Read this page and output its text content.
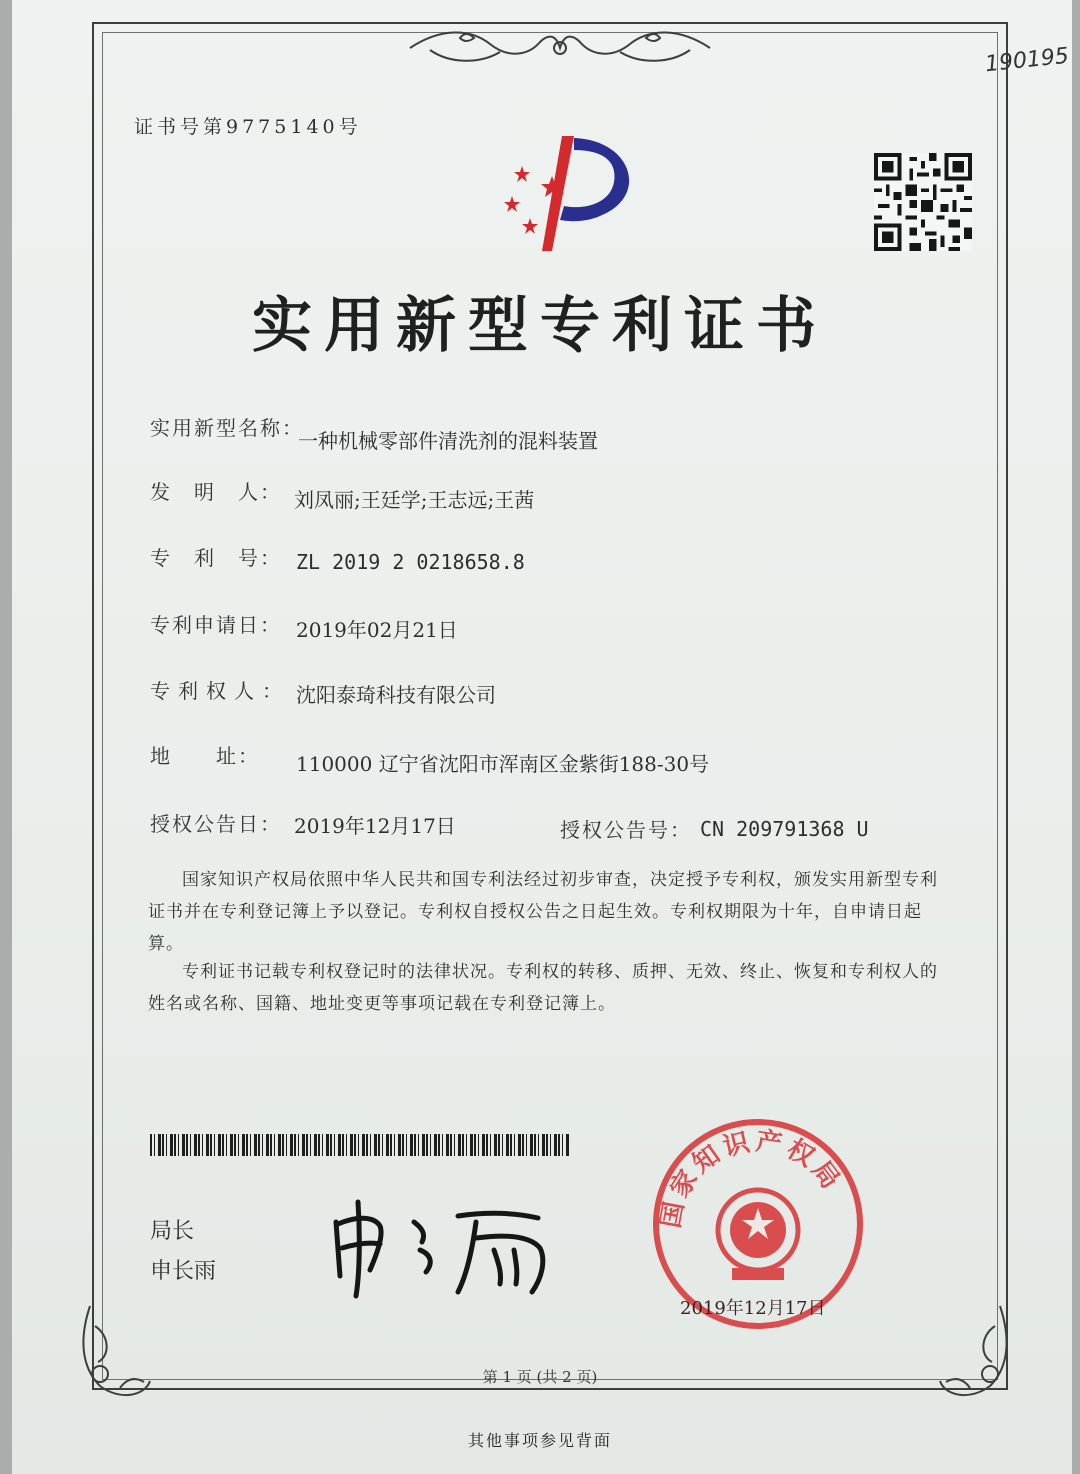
190195
证书号第9775140号
实用新型专利证书
实用新型名称：
一种机械零部件清洗剂的混料装置
发　明　人： 刘凤丽;王廷学;王志远;王茜
专　利　号： ZL 2019 2 0218658.8
专利申请日： 2019年02月21日
专利权人： 沈阳泰琦科技有限公司
地　　址： 110000 辽宁省沈阳市浑南区金紫街188-30号
授权公告日： 2019年12月17日	授权公告号： CN 209791368 U
国家知识产权局依照中华人民共和国专利法经过初步审查，决定授予专利权，颁发实用新型专利证书并在专利登记簿上予以登记。专利权自授权公告之日起生效。专利权期限为十年，自申请日起算。
专利证书记载专利权登记时的法律状况。专利权的转移、质押、无效、终止、恢复和专利权人的姓名或名称、国籍、地址变更等事项记载在专利登记簿上。
局长
申长雨
国家知识产权局
2019年12月17日
第 1 页 (共 2 页)
其他事项参见背面
